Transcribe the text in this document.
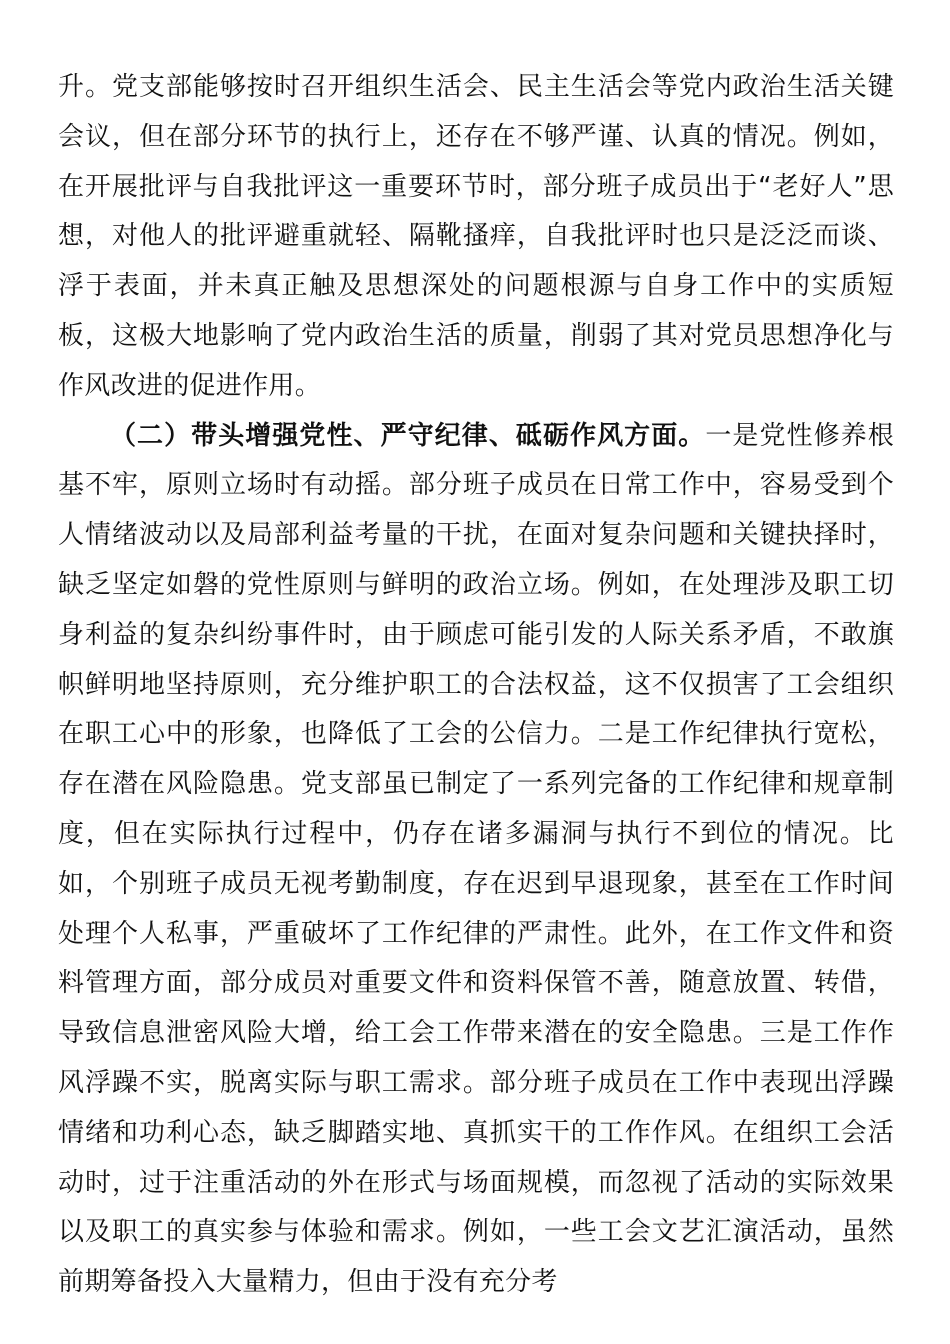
升。党支部能够按时召开组织生活会、民主生活会等党内政治生活关键会议，但在部分环节的执行上，还存在不够严谨、认真的情况。例如，在开展批评与自我批评这一重要环节时，部分班子成员出于“老好人”思想，对他人的批评避重就轻、隔靴搔痒，自我批评时也只是泛泛而谈、浮于表面，并未真正触及思想深处的问题根源与自身工作中的实质短板，这极大地影响了党内政治生活的质量，削弱了其对党员思想净化与作风改进的促进作用。

（二）带头增强党性、严守纪律、砥砺作风方面。一是党性修养根基不牢，原则立场时有动摇。部分班子成员在日常工作中，容易受到个人情绪波动以及局部利益考量的干扰，在面对复杂问题和关键抉择时，缺乏坚定如磐的党性原则与鲜明的政治立场。例如，在处理涉及职工切身利益的复杂纠纷事件时，由于顾虑可能引发的人际关系矛盾，不敢旗帜鲜明地坚持原则，充分维护职工的合法权益，这不仅损害了工会组织在职工心中的形象，也降低了工会的公信力。二是工作纪律执行宽松，存在潜在风险隐患。党支部虽已制定了一系列完备的工作纪律和规章制度，但在实际执行过程中，仍存在诸多漏洞与执行不到位的情况。比如，个别班子成员无视考勤制度，存在迟到早退现象，甚至在工作时间处理个人私事，严重破坏了工作纪律的严肃性。此外，在工作文件和资料管理方面，部分成员对重要文件和资料保管不善，随意放置、转借，导致信息泄密风险大增，给工会工作带来潜在的安全隐患。三是工作作风浮躁不实，脱离实际与职工需求。部分班子成员在工作中表现出浮躁情绪和功利心态，缺乏脚踏实地、真抓实干的工作作风。在组织工会活动时，过于注重活动的外在形式与场面规模，而忽视了活动的实际效果以及职工的真实参与体验和需求。例如，一些工会文艺汇演活动，虽然前期筹备投入大量精力，但由于没有充分考
